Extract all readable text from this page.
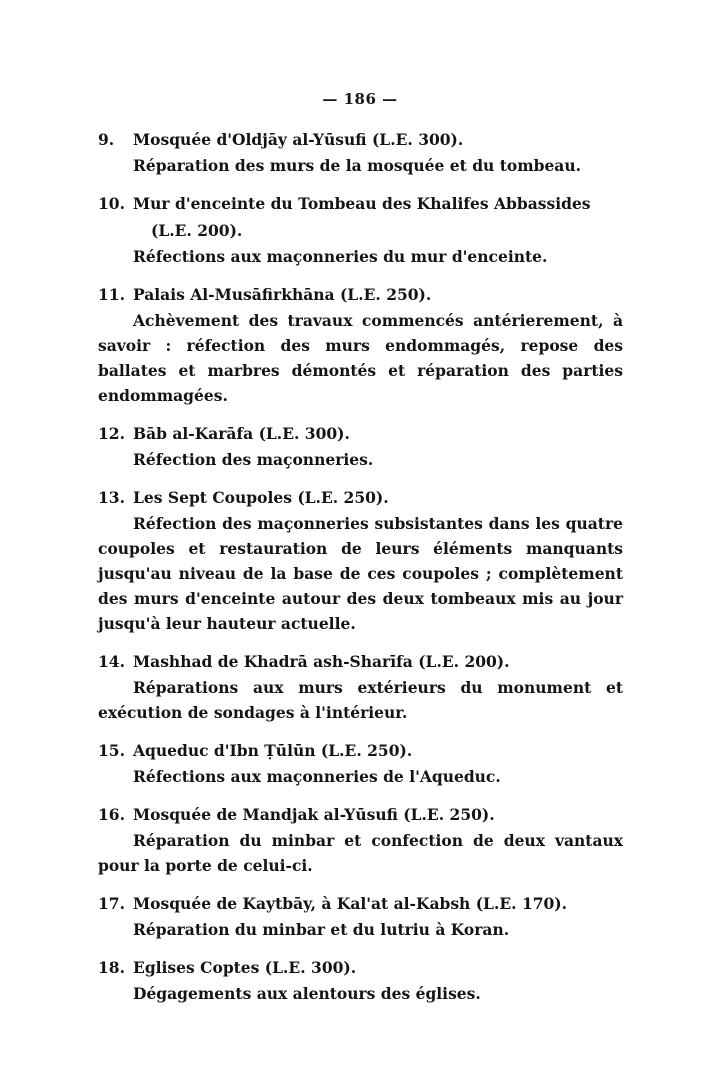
— 186 —
9.	Mosquée d'Oldjāy al-Yūsufi (L.E. 300).
Réparation des murs de la mosquée et du tombeau.
10. Mur d'enceinte du Tombeau des Khalifes Abbassides (L.E. 200).
Réfections aux maçonneries du mur d'enceinte.
11. Palais Al-Musāfirkhāna (L.E. 250).
Achèvement des travaux commencés antérierement, à savoir : réfection des murs endommagés, repose des ballates et marbres démontés et réparation des parties endommagées.
12. Bāb al-Karāfa (L.E. 300).
Réfection des maçonneries.
13. Les Sept Coupoles (L.E. 250).
Réfection des maçonneries subsistantes dans les quatre coupoles et restauration de leurs éléments manquants jusqu'au niveau de la base de ces coupoles ; complètement des murs d'enceinte autour des deux tombeaux mis au jour jusqu'à leur hauteur actuelle.
14. Mashhad de Khadrā ash-Sharīfa (L.E. 200).
Réparations aux murs extérieurs du monument et exécution de sondages à l'intérieur.
15. Aqueduc d'Ibn Ṭūlūn (L.E. 250).
Réfections aux maçonneries de l'Aqueduc.
16. Mosquée de Mandjak al-Yūsufi (L.E. 250).
Réparation du minbar et confection de deux vantaux pour la porte de celui-ci.
17. Mosquée de Kaytbāy, à Kal'at al-Kabsh (L.E. 170).
Réparation du minbar et du lutriu à Koran.
18. Eglises Coptes (L.E. 300).
Dégagements aux alentours des églises.
